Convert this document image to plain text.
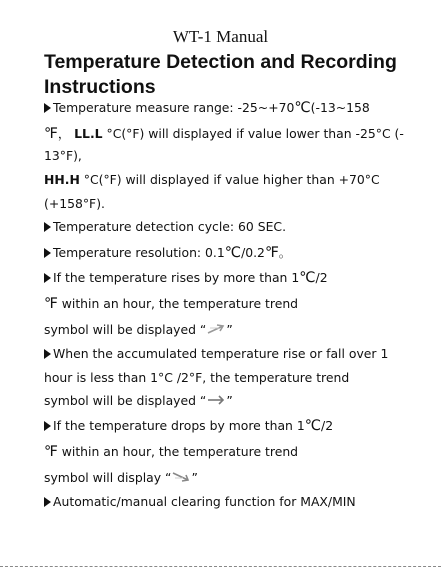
WT-1 Manual
Temperature Detection and Recording
Instructions
Temperature measure range: -25~+70℃(-13~158
℉， LL.L °C(°F) will displayed if value lower than -25°C (-
13°F),
HH.H °C(°F) will displayed if value higher than +70°C
(+158°F).
Temperature detection cycle: 60 SEC.
Temperature resolution: 0.1℃/0.2℉。
If the temperature rises by more than 1℃/2
℉ within an hour, the temperature trend
symbol will be displayed “ ”
When the accumulated temperature rise or fall over 1
hour is less than 1°C /2°F, the temperature trend
symbol will be displayed “ ”
If the temperature drops by more than 1℃/2
℉ within an hour, the temperature trend
symbol will display “ ”
Automatic/manual clearing function for MAX/MIN
